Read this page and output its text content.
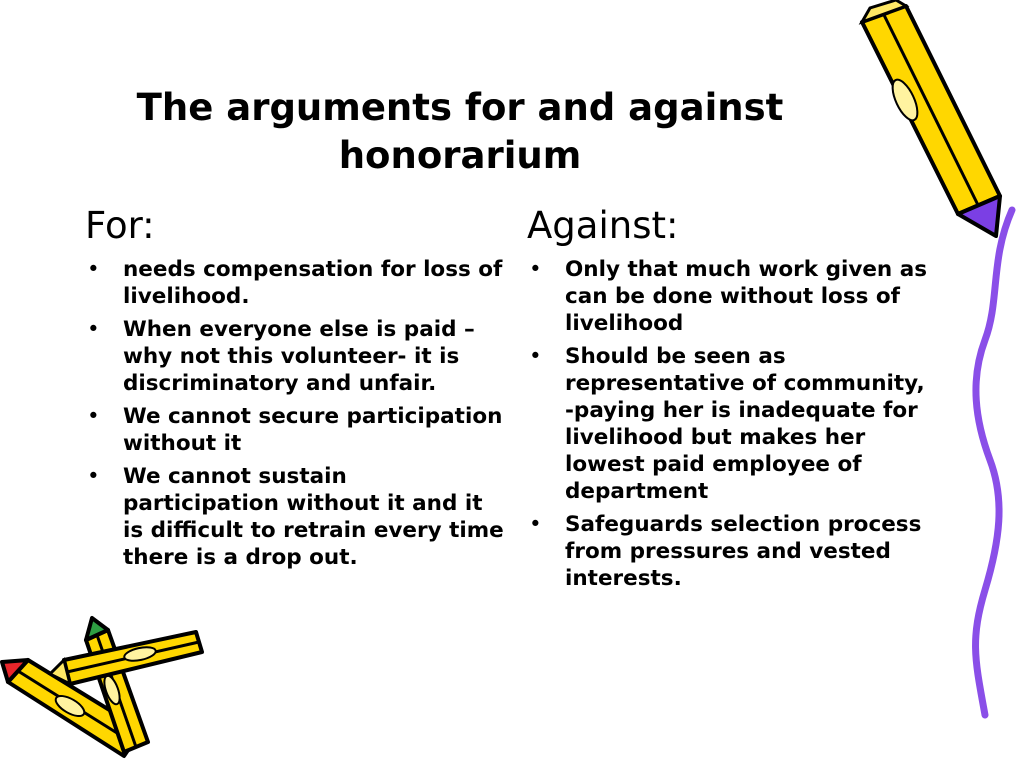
The arguments for and against honorarium
For:
• needs compensation for loss of livelihood.
• When everyone else is paid – why not this volunteer- it is discriminatory and unfair.
• We cannot secure participation without it
• We cannot sustain participation without it and it is difficult to retrain every time there is a drop out.
Against:
• Only that much work given as can be done without loss of livelihood
• Should be seen as representative of community, -paying her is inadequate for livelihood but makes her lowest paid employee of department
• Safeguards selection process from pressures and vested interests.
